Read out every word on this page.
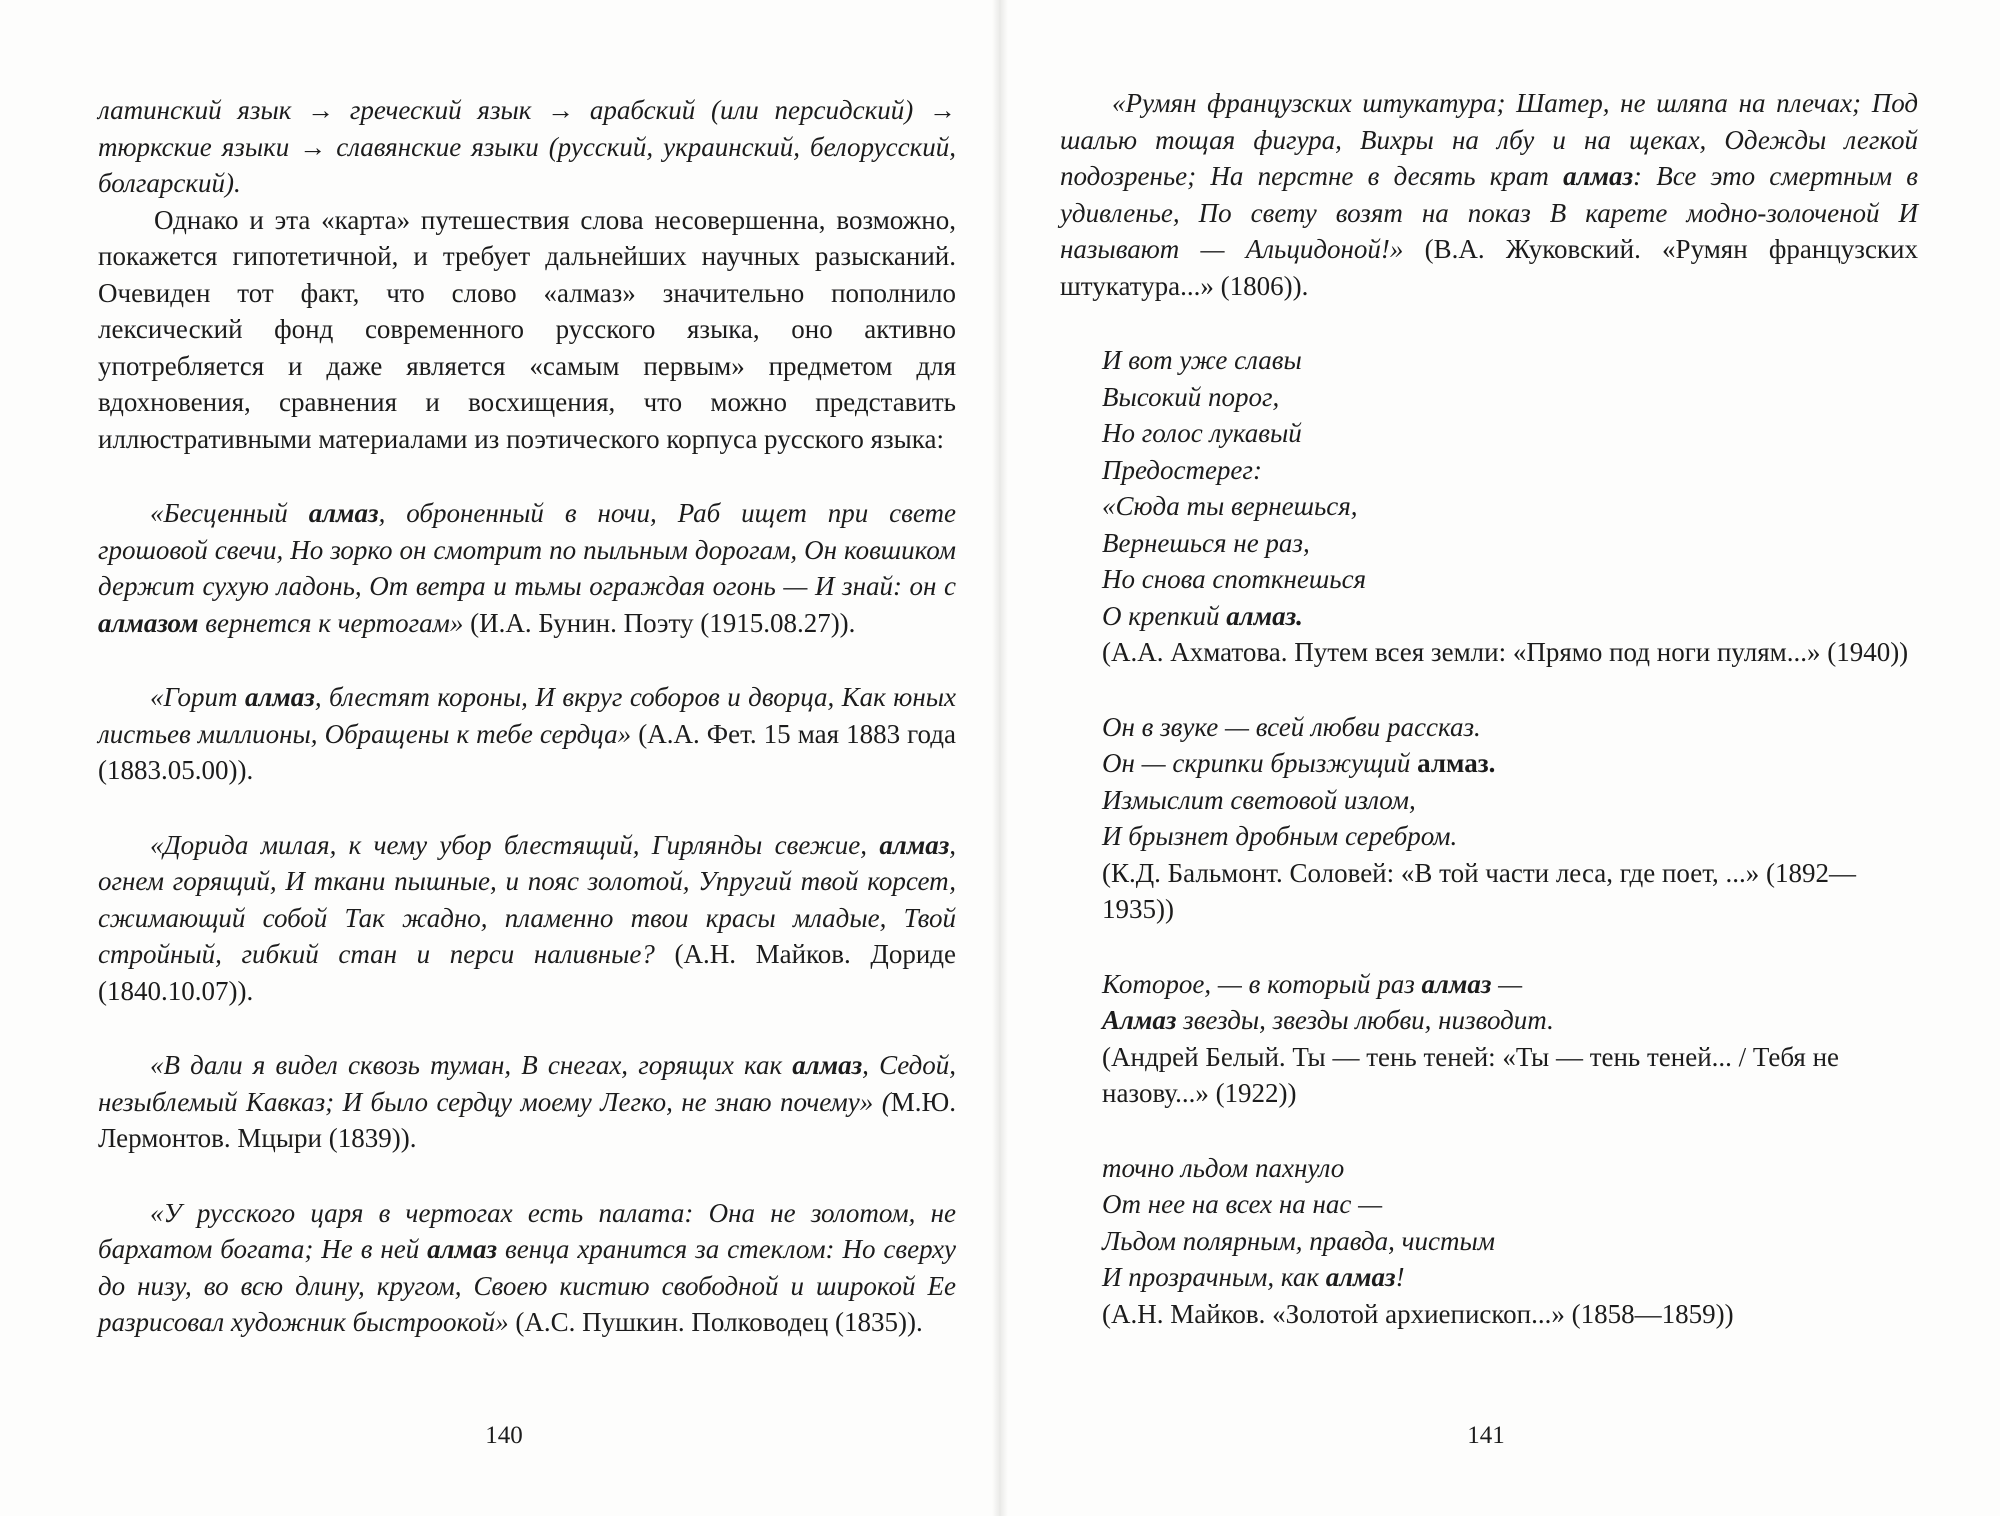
латинский язык → греческий язык → арабский (или персидский) → тюркские языки → славянские языки (русский, украинский, белорусский, болгарский).

Однако и эта «карта» путешествия слова несовершенна, возможно, покажется гипотетичной, и требует дальнейших научных разысканий. Очевиден тот факт, что слово «алмаз» значительно пополнило лексический фонд современного русского языка, оно активно употребляется и даже является «самым первым» предметом для вдохновения, сравнения и восхищения, что можно представить иллюстративными материалами из поэтического корпуса русского языка:

«Бесценный алмаз, оброненный в ночи, Раб ищет при свете грошовой свечи, Но зорко он смотрит по пыльным дорогам, Он ковшиком держит сухую ладонь, От ветра и тьмы ограждая огонь — И знай: он с алмазом вернется к чертогам» (И.А. Бунин. Поэту (1915.08.27)).

«Горит алмаз, блестят короны, И вкруг соборов и дворца, Как юных листьев миллионы, Обращены к тебе сердца» (А.А. Фет. 15 мая 1883 года (1883.05.00)).

«Дорида милая, к чему убор блестящий, Гирлянды свежие, алмаз, огнем горящий, И ткани пышные, и пояс золотой, Упругий твой корсет, сжимающий собой Так жадно, пламенно твои красы младые, Твой стройный, гибкий стан и перси наливные? (А.Н. Майков. Дориде (1840.10.07)).

«В дали я видел сквозь туман, В снегах, горящих как алмаз, Седой, незыблемый Кавказ; И было сердцу моему Легко, не знаю почему» (М.Ю. Лермонтов. Мцыри (1839)).

«У русского царя в чертогах есть палата: Она не золотом, не бархатом богата; Не в ней алмаз венца хранится за стеклом: Но сверху до низу, во всю длину, кругом, Своею кистию свободной и широкой Ее разрисовал художник быстроокой» (А.С. Пушкин. Полководец (1835)).

140

«Румян французских штукатура; Шатер, не шляпа на плечах; Под шалью тощая фигура, Вихры на лбу и на щеках, Одежды легкой подозренье; На перстне в десять крат алмаз: Все это смертным в удивленье, По свету возят на показ В карете модно-золоченой И называют — Альцидоной!» (В.А. Жуковский. «Румян французских штукатура...» (1806)).

И вот уже славы
Высокий порог,
Но голос лукавый
Предостерег:
«Сюда ты вернешься,
Вернешься не раз,
Но снова споткнешься
О крепкий алмаз.
(А.А. Ахматова. Путем всея земли: «Прямо под ноги пулям...» (1940))
Он в звуке — всей любви рассказ.
Он — скрипки брызжущий алмаз.
Измыслит световой излом,
И брызнет дробным серебром.
(К.Д. Бальмонт. Соловей: «В той части леса, где поет, ...» (1892—1935))
Которое, — в который раз алмаз —
Алмаз звезды, звезды любви, низводит.
(Андрей Белый. Ты — тень теней: «Ты — тень теней... / Тебя не назову...» (1922))
точно льдом пахнуло
От нее на всех на нас —
Льдом полярным, правда, чистым
И прозрачным, как алмаз!
(А.Н. Майков. «Золотой архиепископ...» (1858—1859))
141
